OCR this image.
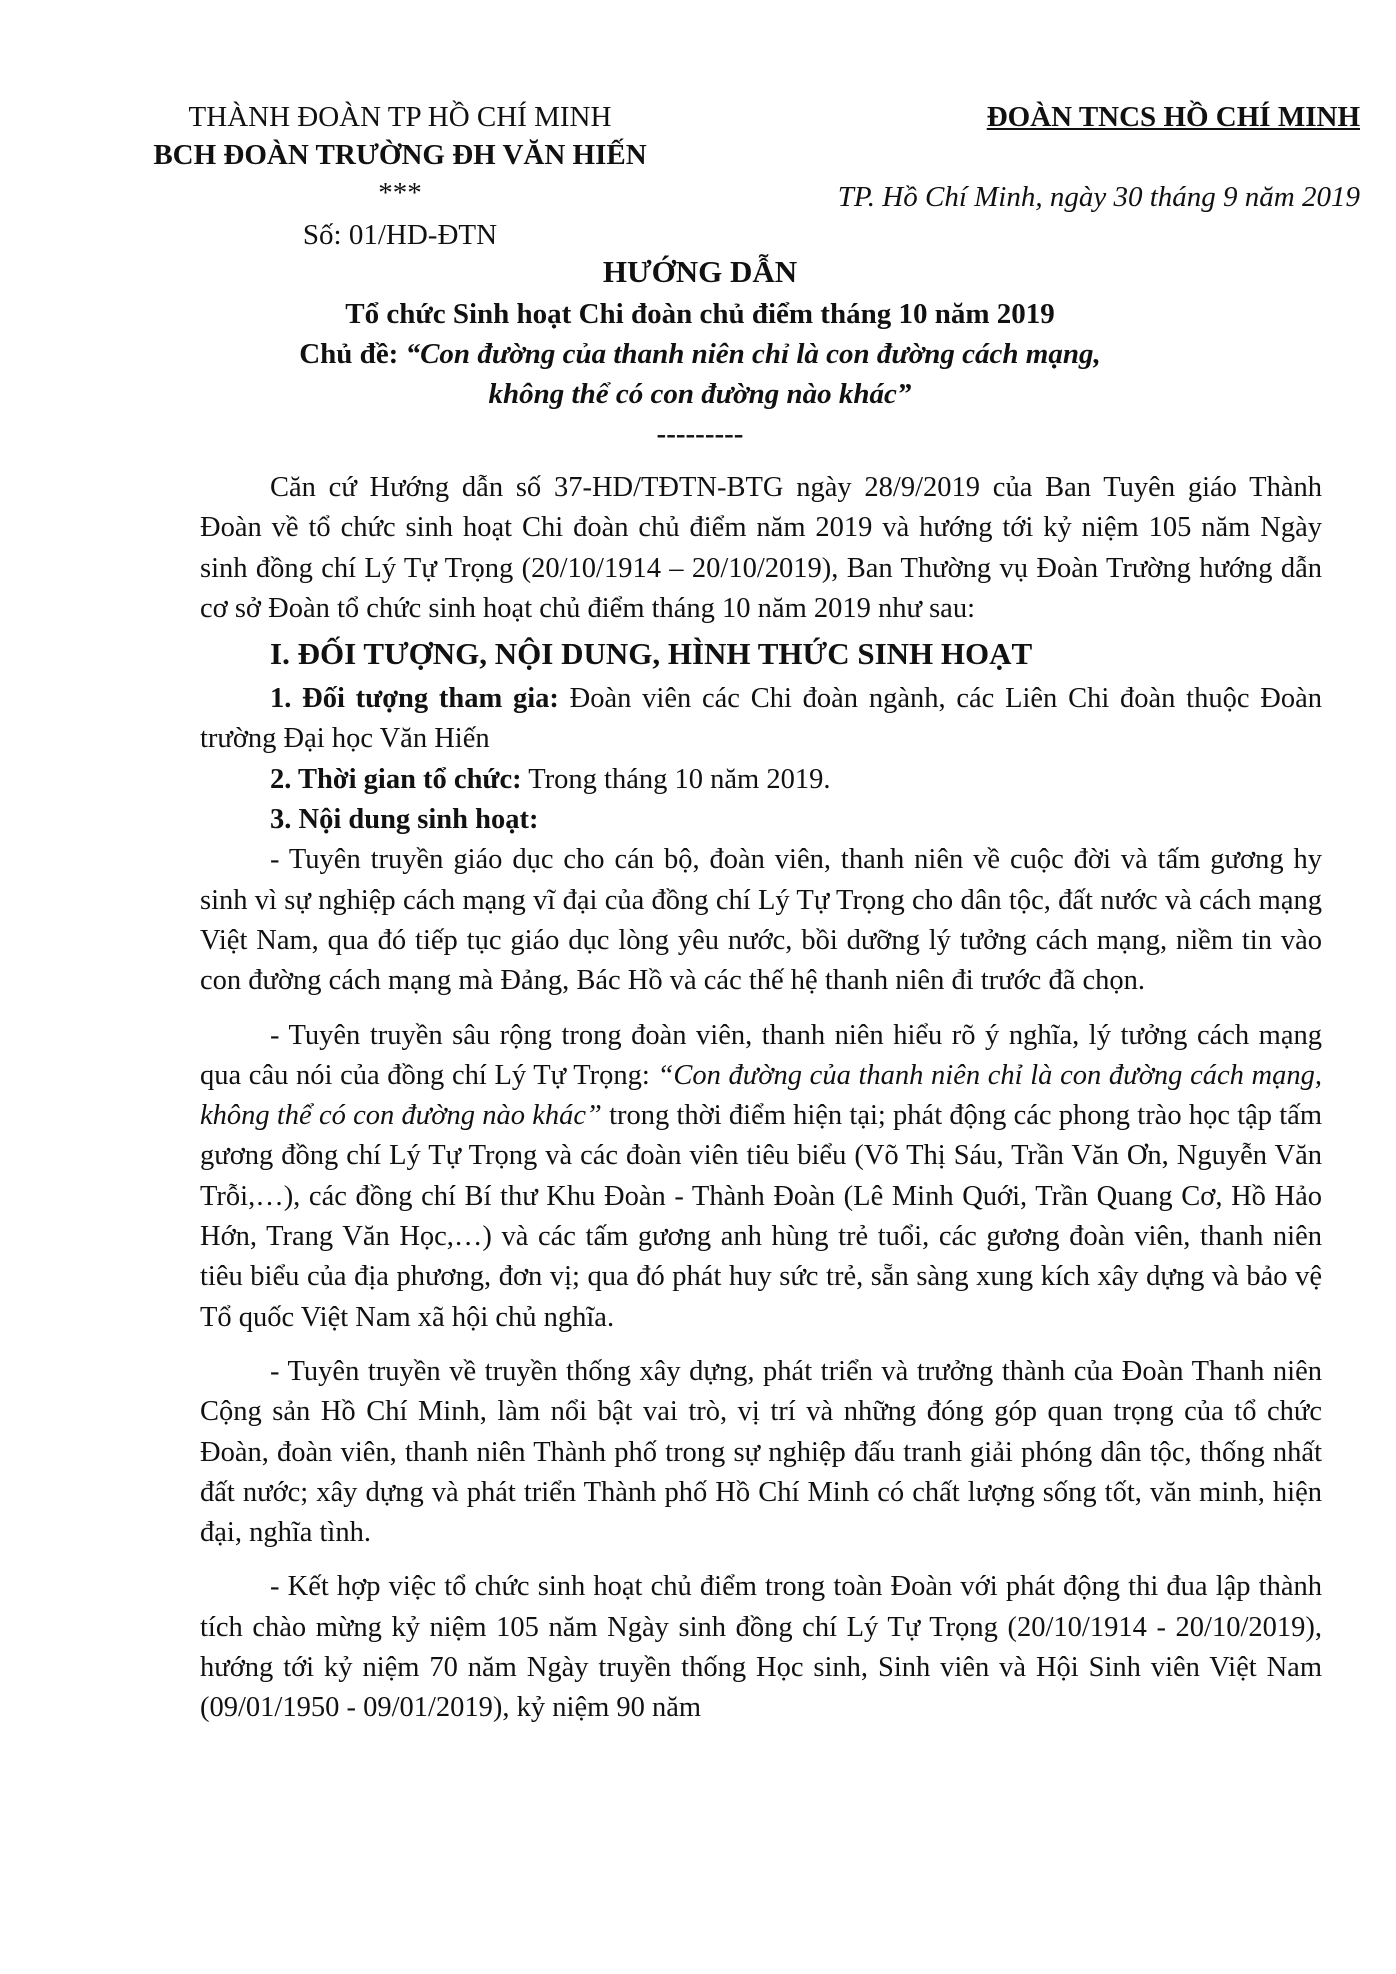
THÀNH ĐOÀN TP HỒ CHÍ MINH
BCH ĐOÀN TRƯỜNG ĐH VĂN HIẾN
***
Số: 01/HD-ĐTN
ĐOÀN TNCS HỒ CHÍ MINH
TP. Hồ Chí Minh, ngày 30 tháng 9 năm 2019
HƯỚNG DẪN
Tổ chức Sinh hoạt Chi đoàn chủ điểm tháng 10 năm 2019
Chủ đề: “Con đường của thanh niên chỉ là con đường cách mạng,
không thể có con đường nào khác”
---------

Căn cứ Hướng dẫn số 37-HD/TĐTN-BTG ngày 28/9/2019 của Ban Tuyên giáo Thành Đoàn về tổ chức sinh hoạt Chi đoàn chủ điểm năm 2019 và hướng tới kỷ niệm 105 năm Ngày sinh đồng chí Lý Tự Trọng (20/10/1914 – 20/10/2019), Ban Thường vụ Đoàn Trường hướng dẫn cơ sở Đoàn tổ chức sinh hoạt chủ điểm tháng 10 năm 2019 như sau:

I. ĐỐI TƯỢNG, NỘI DUNG, HÌNH THỨC SINH HOẠT

1. Đối tượng tham gia: Đoàn viên các Chi đoàn ngành, các Liên Chi đoàn thuộc Đoàn trường Đại học Văn Hiến

2. Thời gian tổ chức: Trong tháng 10 năm 2019.

3. Nội dung sinh hoạt:

- Tuyên truyền giáo dục cho cán bộ, đoàn viên, thanh niên về cuộc đời và tấm gương hy sinh vì sự nghiệp cách mạng vĩ đại của đồng chí Lý Tự Trọng cho dân tộc, đất nước và cách mạng Việt Nam, qua đó tiếp tục giáo dục lòng yêu nước, bồi dưỡng lý tưởng cách mạng, niềm tin vào con đường cách mạng mà Đảng, Bác Hồ và các thế hệ thanh niên đi trước đã chọn.

- Tuyên truyền sâu rộng trong đoàn viên, thanh niên hiểu rõ ý nghĩa, lý tưởng cách mạng qua câu nói của đồng chí Lý Tự Trọng: “Con đường của thanh niên chỉ là con đường cách mạng, không thể có con đường nào khác” trong thời điểm hiện tại; phát động các phong trào học tập tấm gương đồng chí Lý Tự Trọng và các đoàn viên tiêu biểu (Võ Thị Sáu, Trần Văn Ơn, Nguyễn Văn Trỗi,…), các đồng chí Bí thư Khu Đoàn - Thành Đoàn (Lê Minh Quới, Trần Quang Cơ, Hồ Hảo Hớn, Trang Văn Học,…) và các tấm gương anh hùng trẻ tuổi, các gương đoàn viên, thanh niên tiêu biểu của địa phương, đơn vị; qua đó phát huy sức trẻ, sẵn sàng xung kích xây dựng và bảo vệ Tổ quốc Việt Nam xã hội chủ nghĩa.

- Tuyên truyền về truyền thống xây dựng, phát triển và trưởng thành của Đoàn Thanh niên Cộng sản Hồ Chí Minh, làm nổi bật vai trò, vị trí và những đóng góp quan trọng của tổ chức Đoàn, đoàn viên, thanh niên Thành phố trong sự nghiệp đấu tranh giải phóng dân tộc, thống nhất đất nước; xây dựng và phát triển Thành phố Hồ Chí Minh có chất lượng sống tốt, văn minh, hiện đại, nghĩa tình.

- Kết hợp việc tổ chức sinh hoạt chủ điểm trong toàn Đoàn với phát động thi đua lập thành tích chào mừng kỷ niệm 105 năm Ngày sinh đồng chí Lý Tự Trọng (20/10/1914 - 20/10/2019), hướng tới kỷ niệm 70 năm Ngày truyền thống Học sinh, Sinh viên và Hội Sinh viên Việt Nam (09/01/1950 - 09/01/2019), kỷ niệm 90 năm
